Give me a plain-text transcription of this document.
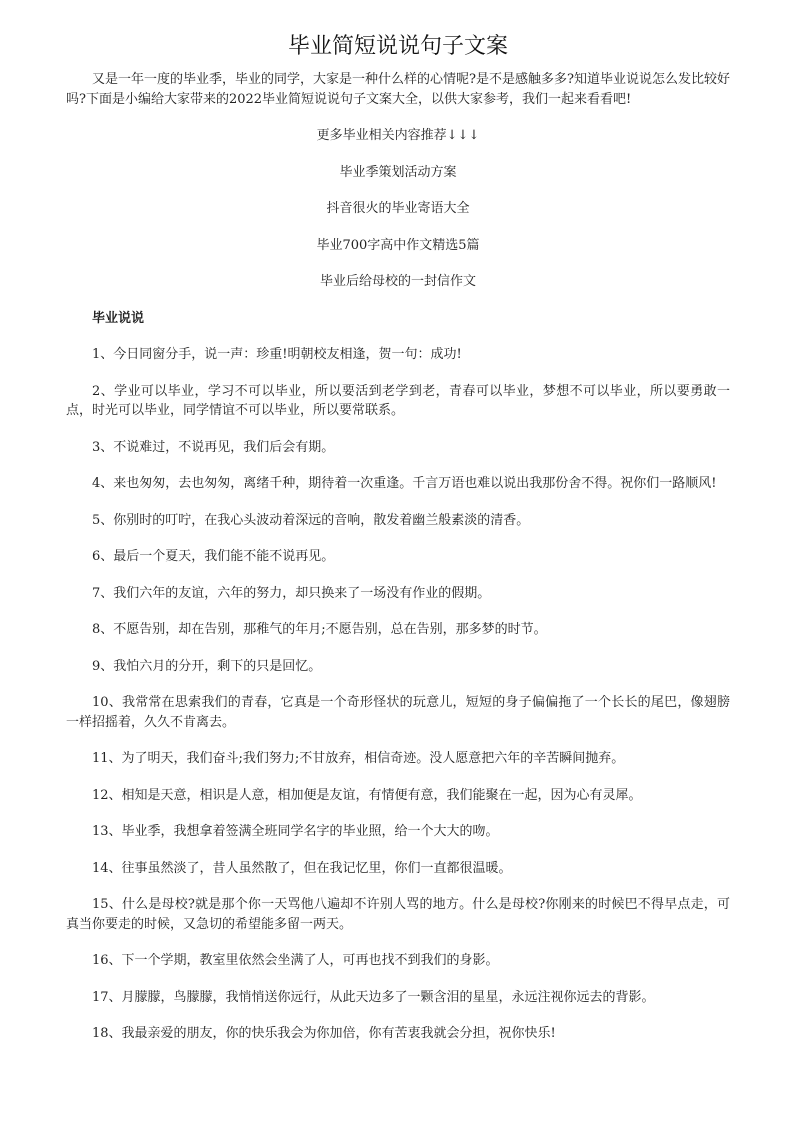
毕业简短说说句子文案

又是一年一度的毕业季，毕业的同学，大家是一种什么样的心情呢?是不是感触多多?知道毕业说说怎么发比较好吗?下面是小编给大家带来的2022毕业简短说说句子文案大全，以供大家参考，我们一起来看看吧!

更多毕业相关内容推荐↓↓↓

毕业季策划活动方案

抖音很火的毕业寄语大全

毕业700字高中作文精选5篇

毕业后给母校的一封信作文

毕业说说

1、今日同窗分手，说一声：珍重!明朝校友相逢，贺一句：成功!

2、学业可以毕业，学习不可以毕业，所以要活到老学到老，青春可以毕业，梦想不可以毕业，所以要勇敢一点，时光可以毕业，同学情谊不可以毕业，所以要常联系。

3、不说难过，不说再见，我们后会有期。

4、来也匆匆，去也匆匆，离绪千种，期待着一次重逢。千言万语也难以说出我那份舍不得。祝你们一路顺风!

5、你别时的叮咛，在我心头波动着深远的音响，散发着幽兰般素淡的清香。

6、最后一个夏天，我们能不能不说再见。

7、我们六年的友谊，六年的努力，却只换来了一场没有作业的假期。

8、不愿告别，却在告别，那稚气的年月;不愿告别，总在告别，那多梦的时节。

9、我怕六月的分开，剩下的只是回忆。

10、我常常在思索我们的青春，它真是一个奇形怪状的玩意儿，短短的身子偏偏拖了一个长长的尾巴，像翅膀一样招摇着，久久不肯离去。

11、为了明天，我们奋斗;我们努力;不甘放弃，相信奇迹。没人愿意把六年的辛苦瞬间抛弃。

12、相知是天意，相识是人意，相加便是友谊，有情便有意，我们能聚在一起，因为心有灵犀。

13、毕业季，我想拿着签满全班同学名字的毕业照，给一个大大的吻。

14、往事虽然淡了，昔人虽然散了，但在我记忆里，你们一直都很温暖。

15、什么是母校?就是那个你一天骂他八遍却不许别人骂的地方。什么是母校?你刚来的时候巴不得早点走，可真当你要走的时候，又急切的希望能多留一两天。

16、下一个学期，教室里依然会坐满了人，可再也找不到我们的身影。

17、月朦朦，鸟朦朦，我悄悄送你远行，从此天边多了一颗含泪的星星，永远注视你远去的背影。

18、我最亲爱的朋友，你的快乐我会为你加倍，你有苦衷我就会分担，祝你快乐!
